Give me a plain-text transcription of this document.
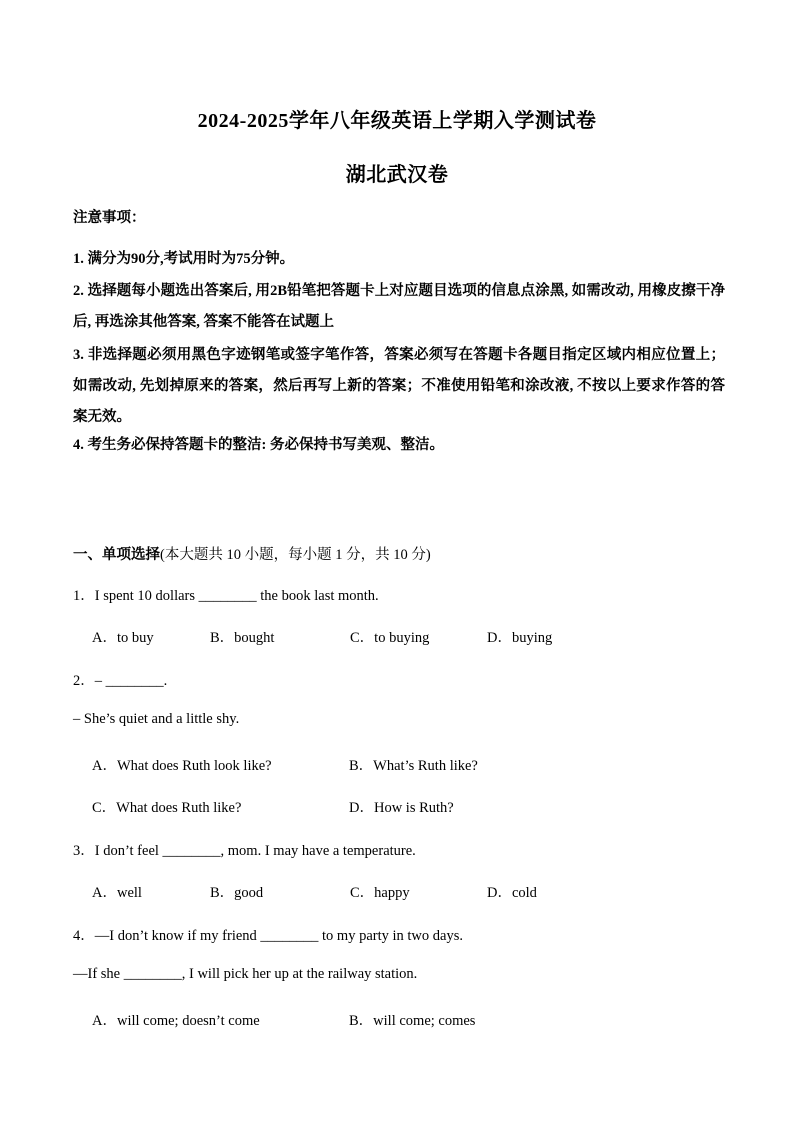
2024-2025学年八年级英语上学期入学测试卷
湖北武汉卷
注意事项：
1. 满分为90分,考试用时为75分钟。
2. 选择题每小题选出答案后, 用2B铅笔把答题卡上对应题目选项的信息点涂黑, 如需改动, 用橡皮擦干净后, 再选涂其他答案, 答案不能答在试题上
3. 非选择题必须用黑色字迹钢笔或签字笔作答，答案必须写在答题卡各题目指定区域内相应位置上；如需改动, 先划掉原来的答案，然后再写上新的答案；不准使用铅笔和涂改液, 不按以上要求作答的答案无效。
4. 考生务必保持答题卡的整洁: 务必保持书写美观、整洁。
一、单项选择(本大题共 10 小题，每小题 1 分，共 10 分)
1．I spent 10 dollars ________ the book last month.
A．to buy	B．bought	C．to buying	D．buying
2．– ________.
– She’s quiet and a little shy.
A．What does Ruth look like?	B．What’s Ruth like?
C．What does Ruth like?	D．How is Ruth?
3．I don’t feel ________, mom. I may have a temperature.
A．well	B．good	C．happy	D．cold
4．—I don’t know if my friend ________ to my party in two days.
—If she ________, I will pick her up at the railway station.
A．will come; doesn’t come	B．will come; comes
